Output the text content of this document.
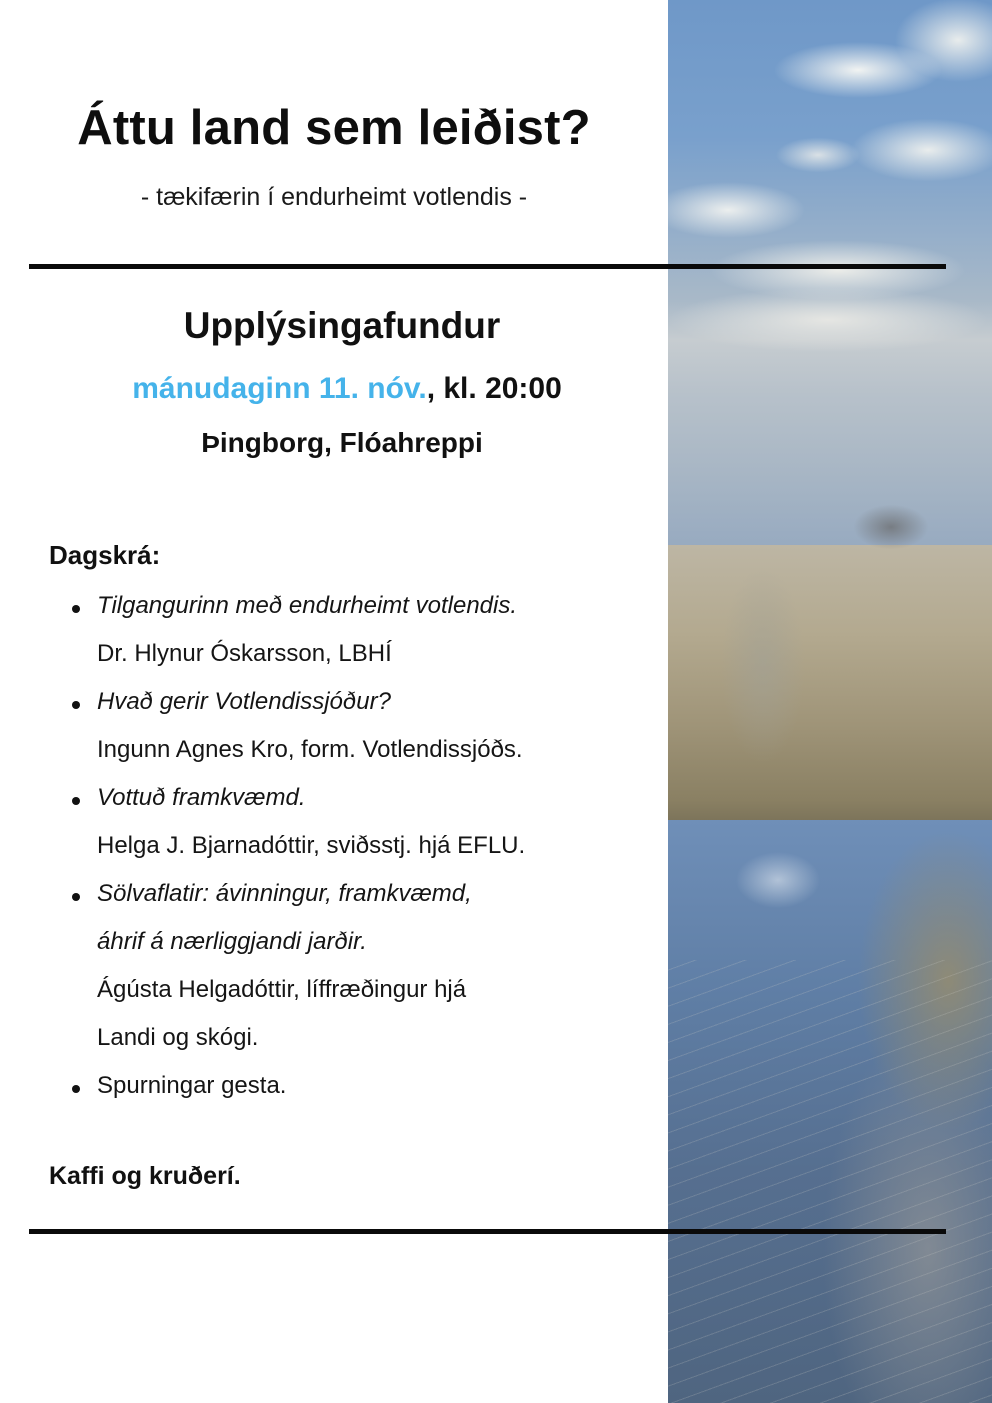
Áttu land sem leiðist?
- tækifærin í endurheimt votlendis -
Upplýsingafundur
mánudaginn 11. nóv., kl. 20:00
Þingborg, Flóahreppi
Dagskrá:
Tilgangurinn með endurheimt votlendis.
Dr. Hlynur Óskarsson, LBHÍ
Hvað gerir Votlendissjóður?
Ingunn Agnes Kro, form. Votlendissjóðs.
Vottuð framkvæmd.
Helga J. Bjarnadóttir, sviðsstj. hjá EFLU.
Sölvaflatir: ávinningur, framkvæmd,
áhrif á nærliggjandi jarðir.
Ágústa Helgadóttir, líffræðingur hjá
Landi og skógi.
Spurningar gesta.
Kaffi og kruðerí.
